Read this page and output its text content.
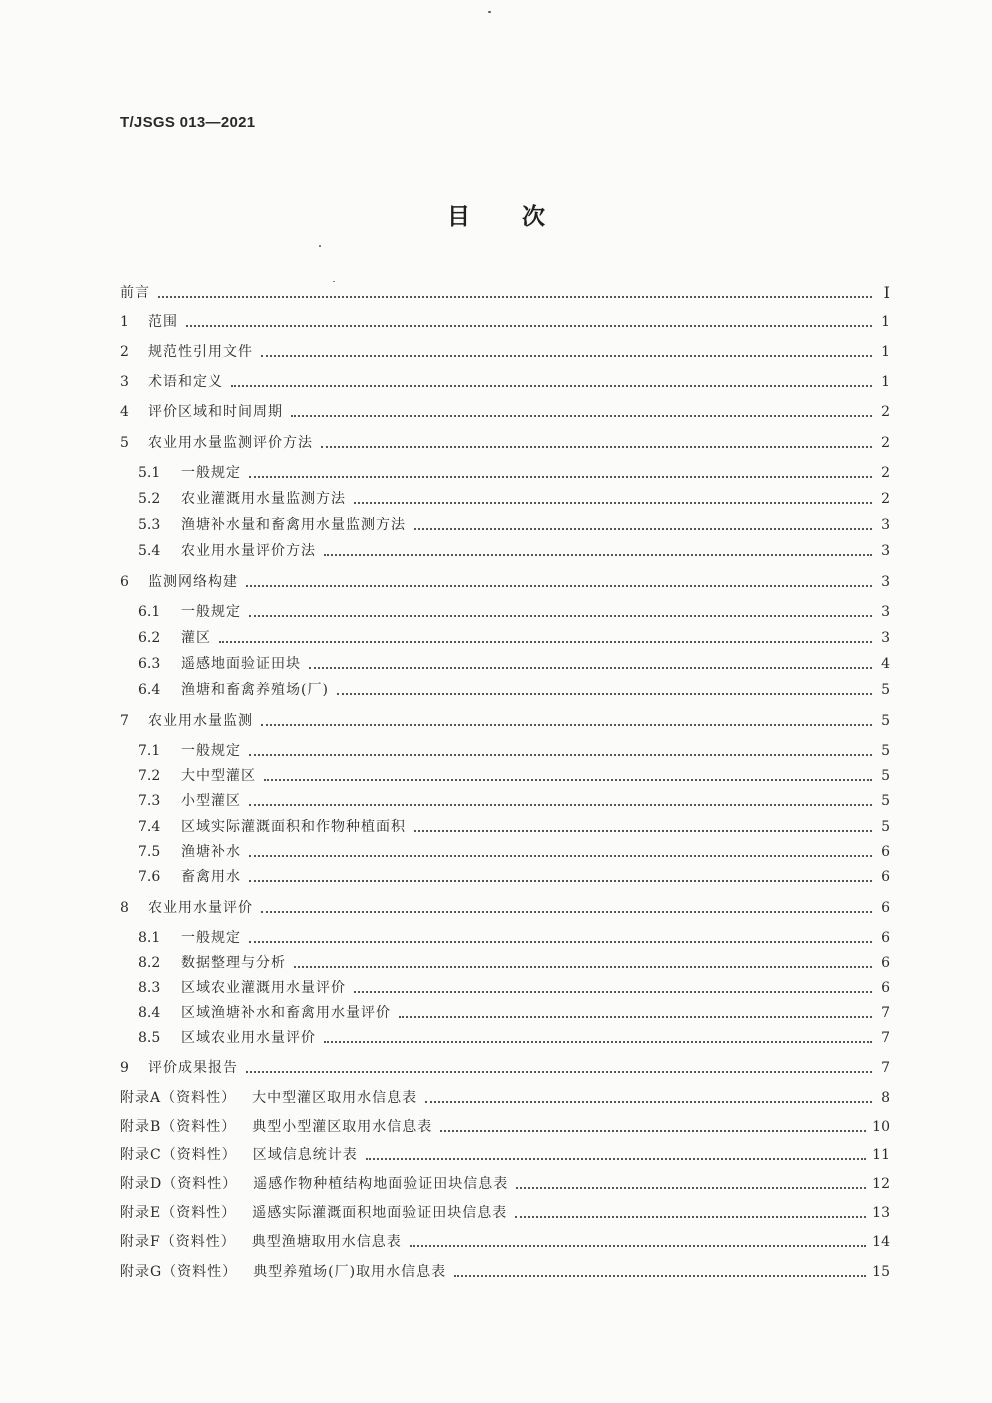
T/JSGS 013—2021
目次
前言	Ⅰ
1	范围	1
2	规范性引用文件	1
3	术语和定义	1
4	评价区域和时间周期	2
5	农业用水量监测评价方法	2
5.1	一般规定	2
5.2	农业灌溉用水量监测方法	2
5.3	渔塘补水量和畜禽用水量监测方法	3
5.4	农业用水量评价方法	3
6	监测网络构建	3
6.1	一般规定	3
6.2	灌区	3
6.3	遥感地面验证田块	4
6.4	渔塘和畜禽养殖场(厂)	5
7	农业用水量监测	5
7.1	一般规定	5
7.2	大中型灌区	5
7.3	小型灌区	5
7.4	区域实际灌溉面积和作物种植面积	5
7.5	渔塘补水	6
7.6	畜禽用水	6
8	农业用水量评价	6
8.1	一般规定	6
8.2	数据整理与分析	6
8.3	区域农业灌溉用水量评价	6
8.4	区域渔塘补水和畜禽用水量评价	7
8.5	区域农业用水量评价	7
9	评价成果报告	7
附录A（资料性） 大中型灌区取用水信息表	8
附录B（资料性） 典型小型灌区取用水信息表	10
附录C（资料性） 区域信息统计表	11
附录D（资料性） 遥感作物种植结构地面验证田块信息表	12
附录E（资料性） 遥感实际灌溉面积地面验证田块信息表	13
附录F（资料性） 典型渔塘取用水信息表	14
附录G（资料性） 典型养殖场(厂)取用水信息表	15
